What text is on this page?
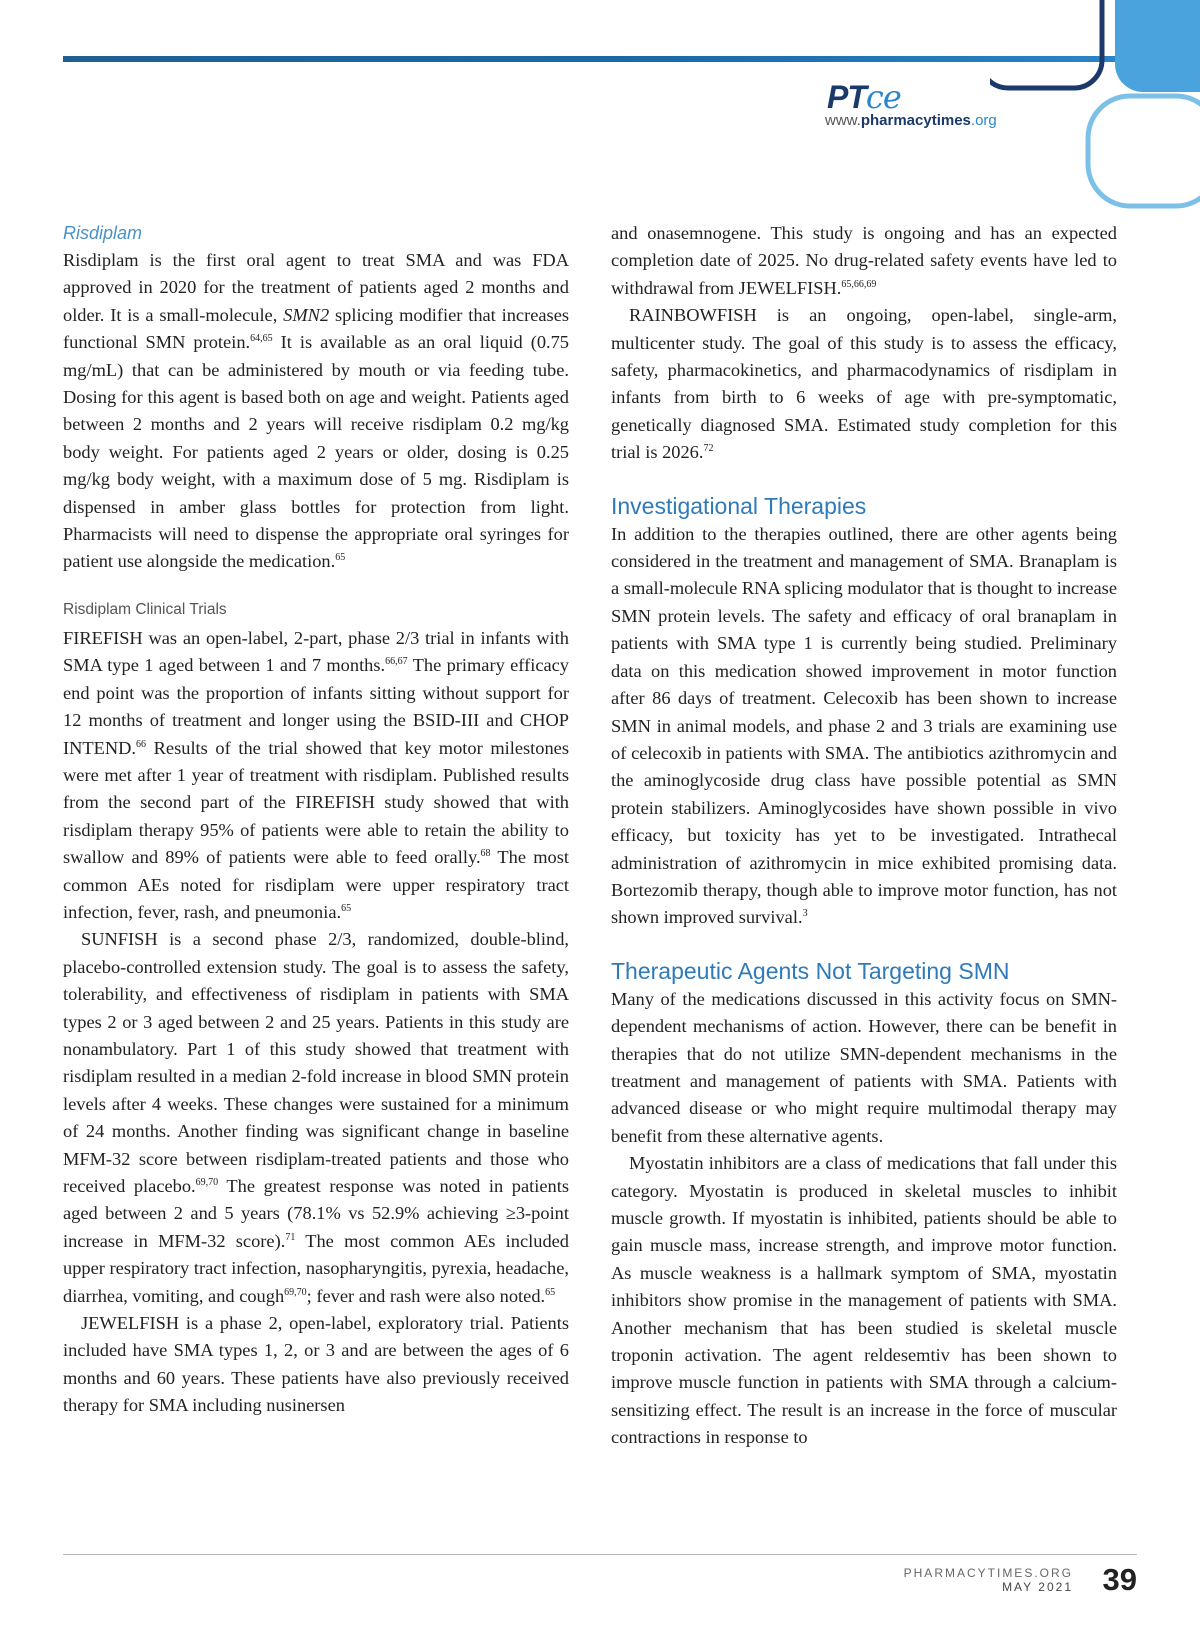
PTce
www.pharmacytimes.org
Risdiplam

Risdiplam is the first oral agent to treat SMA and was FDA approved in 2020 for the treatment of patients aged 2 months and older. It is a small-molecule, SMN2 splicing modifier that increases functional SMN protein.$^{64,65}$ It is available as an oral liquid (0.75 mg/mL) that can be administered by mouth or via feeding tube. Dosing for this agent is based both on age and weight. Patients aged between 2 months and 2 years will receive risdiplam 0.2 mg/kg body weight. For patients aged 2 years or older, dosing is 0.25 mg/kg body weight, with a maximum dose of 5 mg. Risdiplam is dispensed in amber glass bottles for protection from light. Pharmacists will need to dispense the appropriate oral syringes for patient use alongside the medication.$^{65}$

Risdiplam Clinical Trials

FIREFISH was an open-label, 2-part, phase 2/3 trial in infants with SMA type 1 aged between 1 and 7 months.$^{66,67}$ The primary efficacy end point was the proportion of infants sitting without support for 12 months of treatment and longer using the BSID-III and CHOP INTEND.$^{66}$ Results of the trial showed that key motor milestones were met after 1 year of treatment with risdiplam. Published results from the second part of the FIREFISH study showed that with risdiplam therapy 95% of patients were able to retain the ability to swallow and 89% of patients were able to feed orally.$^{68}$ The most common AEs noted for risdiplam were upper respiratory tract infection, fever, rash, and pneumonia.$^{65}$

SUNFISH is a second phase 2/3, randomized, double-blind, placebo-controlled extension study. The goal is to assess the safety, tolerability, and effectiveness of risdiplam in patients with SMA types 2 or 3 aged between 2 and 25 years. Patients in this study are nonambulatory. Part 1 of this study showed that treatment with risdiplam resulted in a median 2-fold increase in blood SMN protein levels after 4 weeks. These changes were sustained for a minimum of 24 months. Another finding was significant change in baseline MFM-32 score between risdiplam-treated patients and those who received placebo.$^{69,70}$ The greatest response was noted in patients aged between 2 and 5 years (78.1% vs 52.9% achieving ≥3-point increase in MFM-32 score).$^{71}$ The most common AEs included upper respiratory tract infection, nasopharyngitis, pyrexia, headache, diarrhea, vomiting, and cough$^{69,70}$; fever and rash were also noted.$^{65}$

JEWELFISH is a phase 2, open-label, exploratory trial. Patients included have SMA types 1, 2, or 3 and are between the ages of 6 months and 60 years. These patients have also previously received therapy for SMA including nusinersen

and onasemnogene. This study is ongoing and has an expected completion date of 2025. No drug-related safety events have led to withdrawal from JEWELFISH.$^{65,66,69}$

RAINBOWFISH is an ongoing, open-label, single-arm, multicenter study. The goal of this study is to assess the efficacy, safety, pharmacokinetics, and pharmacodynamics of risdiplam in infants from birth to 6 weeks of age with pre-symptomatic, genetically diagnosed SMA. Estimated study completion for this trial is 2026.72

Investigational Therapies

In addition to the therapies outlined, there are other agents being considered in the treatment and management of SMA. Branaplam is a small-molecule RNA splicing modulator that is thought to increase SMN protein levels. The safety and efficacy of oral branaplam in patients with SMA type 1 is currently being studied. Preliminary data on this medication showed improvement in motor function after 86 days of treatment. Celecoxib has been shown to increase SMN in animal models, and phase 2 and 3 trials are examining use of celecoxib in patients with SMA. The antibiotics azithromycin and the aminoglycoside drug class have possible potential as SMN protein stabilizers. Aminoglycosides have shown possible in vivo efficacy, but toxicity has yet to be investigated. Intrathecal administration of azithromycin in mice exhibited promising data. Bortezomib therapy, though able to improve motor function, has not shown improved survival.$^3$

Therapeutic Agents Not Targeting SMN

Many of the medications discussed in this activity focus on SMN-dependent mechanisms of action. However, there can be benefit in therapies that do not utilize SMN-dependent mechanisms in the treatment and management of patients with SMA. Patients with advanced disease or who might require multimodal therapy may benefit from these alternative agents.

Myostatin inhibitors are a class of medications that fall under this category. Myostatin is produced in skeletal muscles to inhibit muscle growth. If myostatin is inhibited, patients should be able to gain muscle mass, increase strength, and improve motor function. As muscle weakness is a hallmark symptom of SMA, myostatin inhibitors show promise in the management of patients with SMA. Another mechanism that has been studied is skeletal muscle troponin activation. The agent reldesemtiv has been shown to improve muscle function in patients with SMA through a calcium-sensitizing effect. The result is an increase in the force of muscular contractions in response to

PHARMACYTIMES.ORG
MAY 2021 39
